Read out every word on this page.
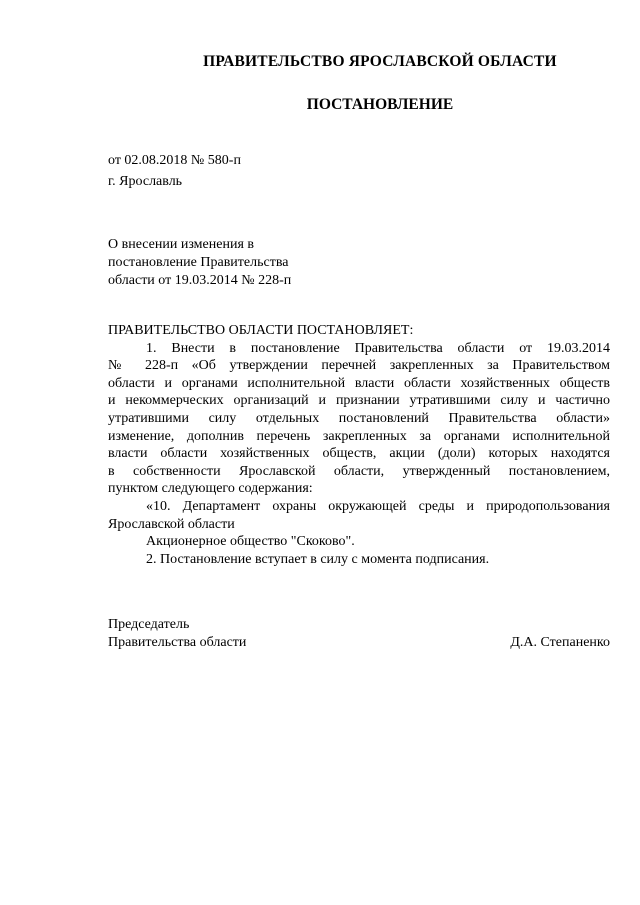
ПРАВИТЕЛЬСТВО ЯРОСЛАВСКОЙ ОБЛАСТИ
ПОСТАНОВЛЕНИЕ
от 02.08.2018 № 580-п
г. Ярославль
О внесении изменения в
постановление Правительства
области от 19.03.2014 № 228-п
ПРАВИТЕЛЬСТВО ОБЛАСТИ ПОСТАНОВЛЯЕТ:
1. Внести в постановление Правительства области от 19.03.2014
№ 228-п «Об утверждении перечней закрепленных за Правительством
области и органами исполнительной власти области хозяйственных обществ
и некоммерческих организаций и признании утратившими силу и частично
утратившими силу отдельных постановлений Правительства области»
изменение, дополнив перечень закрепленных за органами исполнительной
власти области хозяйственных обществ, акции (доли) которых находятся
в собственности Ярославской области, утвержденный постановлением,
пунктом следующего содержания:
«10. Департамент охраны окружающей среды и природопользования
Ярославской области
Акционерное общество "Скоково".
2. Постановление вступает в силу с момента подписания.
Председатель
Правительства области	Д.А. Степаненко
